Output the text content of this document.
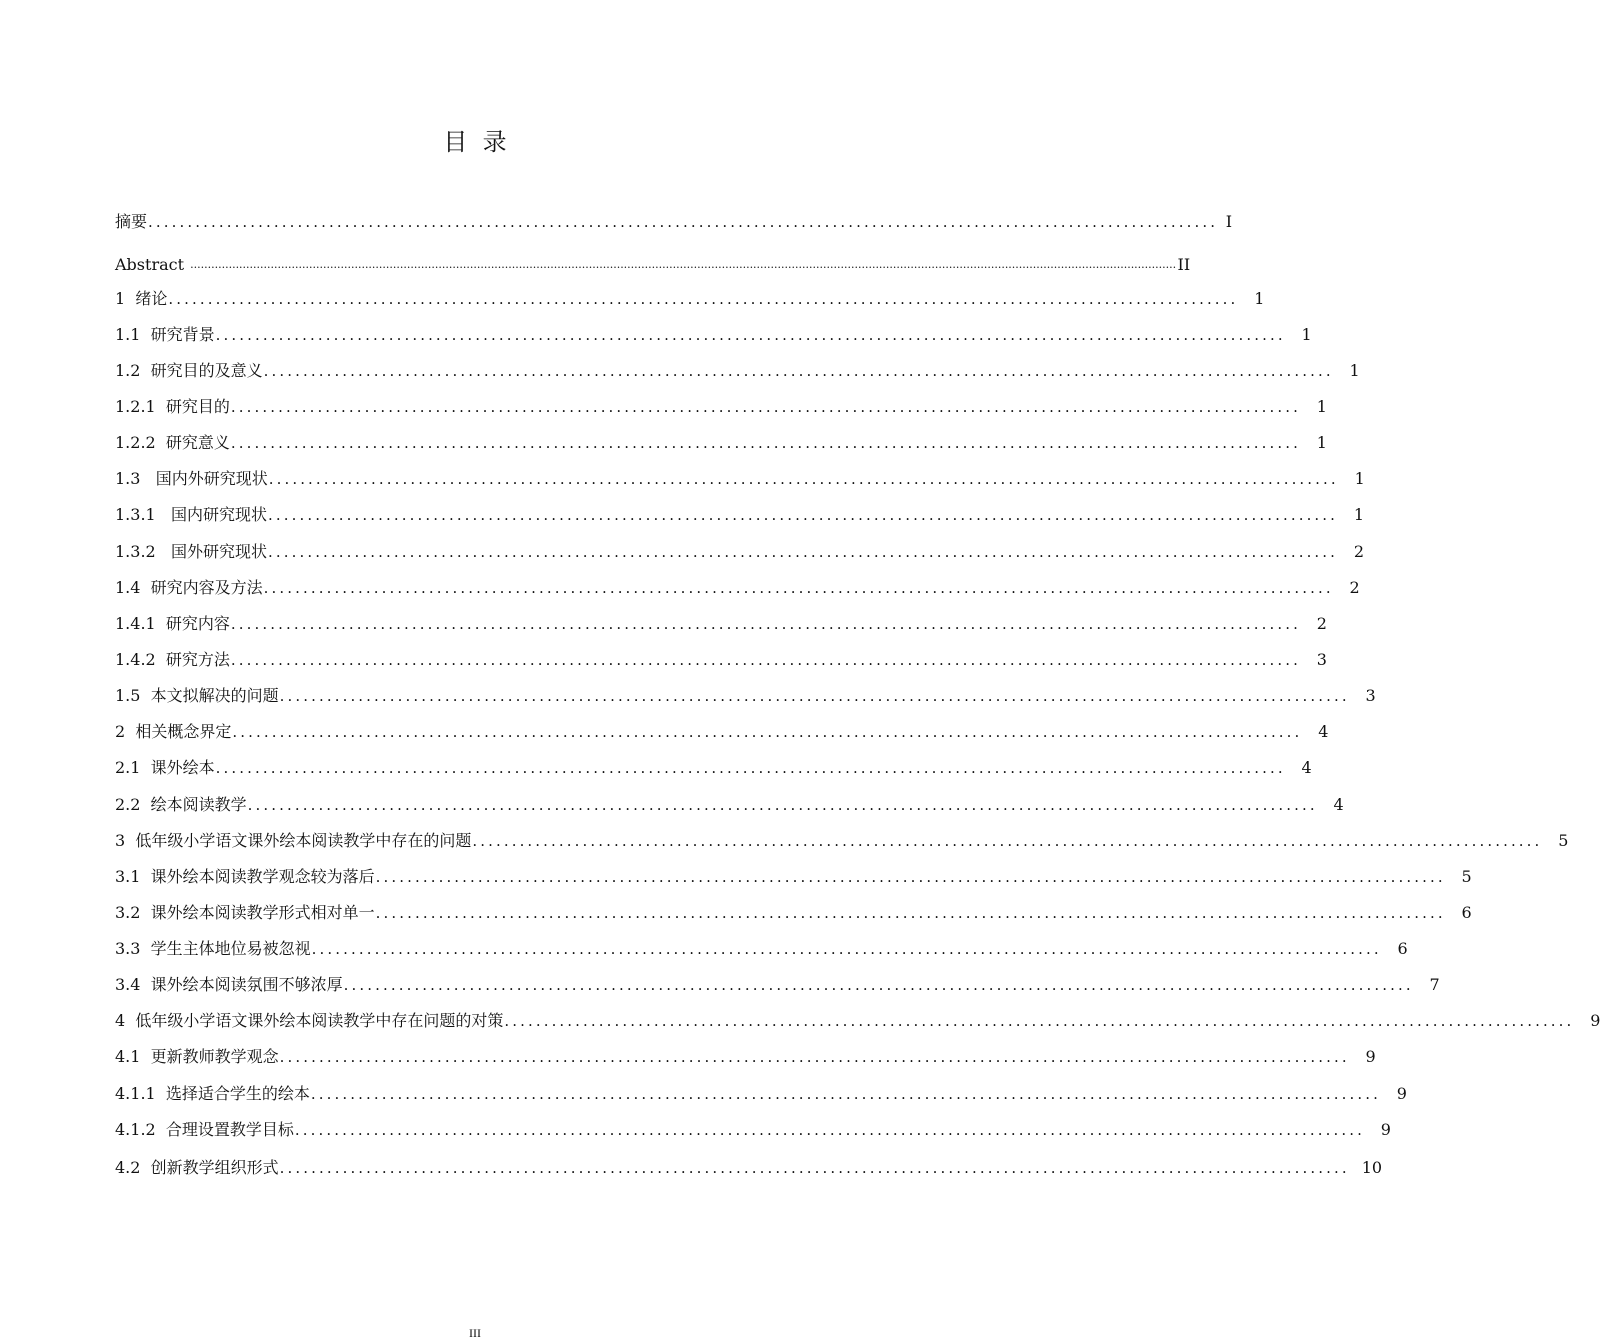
目  录
摘要 ........................................................................................................................................ I
Abstract .......................................................................................................................................................................................................................................................................................... II
1  绪论 ........................................................................................................................................ 1
1.1  研究背景 ........................................................................................................................................ 1
1.2  研究目的及意义 ........................................................................................................................................ 1
1.2.1  研究目的 ........................................................................................................................................ 1
1.2.2  研究意义 ........................................................................................................................................ 1
1.3   国内外研究现状 ........................................................................................................................................ 1
1.3.1   国内研究现状 ........................................................................................................................................ 1
1.3.2   国外研究现状 ........................................................................................................................................ 2
1.4  研究内容及方法 ........................................................................................................................................ 2
1.4.1  研究内容 ........................................................................................................................................ 2
1.4.2  研究方法 ........................................................................................................................................ 3
1.5  本文拟解决的问题 ........................................................................................................................................ 3
2  相关概念界定 ........................................................................................................................................ 4
2.1  课外绘本 ........................................................................................................................................ 4
2.2  绘本阅读教学 ........................................................................................................................................ 4
3  低年级小学语文课外绘本阅读教学中存在的问题 ........................................................................................................................................ 5
3.1  课外绘本阅读教学观念较为落后 ........................................................................................................................................ 5
3.2  课外绘本阅读教学形式相对单一 ........................................................................................................................................ 6
3.3  学生主体地位易被忽视 ........................................................................................................................................ 6
3.4  课外绘本阅读氛围不够浓厚 ........................................................................................................................................ 7
4  低年级小学语文课外绘本阅读教学中存在问题的对策 ........................................................................................................................................ 9
4.1  更新教师教学观念 ........................................................................................................................................ 9
4.1.1  选择适合学生的绘本 ........................................................................................................................................ 9
4.1.2  合理设置教学目标 ........................................................................................................................................ 9
4.2  创新教学组织形式 ........................................................................................................................................ 10
III
